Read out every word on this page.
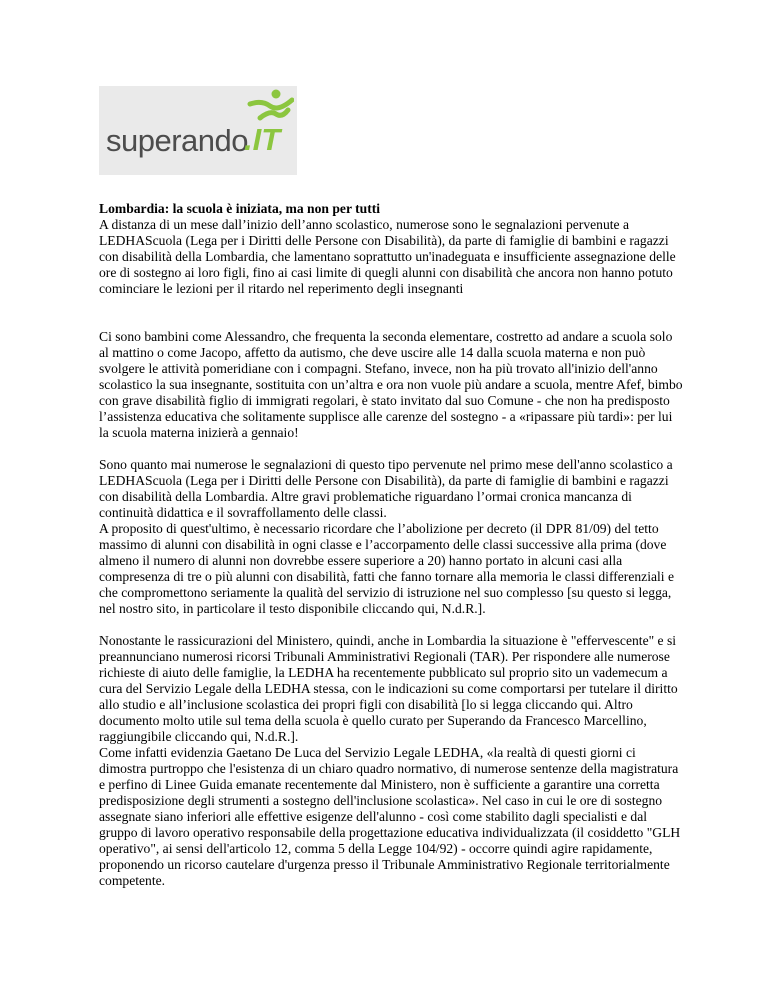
superando
.IT

Lombardia: la scuola è iniziata, ma non per tutti

A distanza di un mese dall’inizio dell’anno scolastico, numerose sono le segnalazioni pervenute a LEDHAScuola (Lega per i Diritti delle Persone con Disabilità), da parte di famiglie di bambini e ragazzi con disabilità della Lombardia, che lamentano soprattutto un'inadeguata e insufficiente assegnazione delle ore di sostegno ai loro figli, fino ai casi limite di quegli alunni con disabilità che ancora non hanno potuto cominciare le lezioni per il ritardo nel reperimento degli insegnanti

Ci sono bambini come Alessandro, che frequenta la seconda elementare, costretto ad andare a scuola solo al mattino o come Jacopo, affetto da autismo, che deve uscire alle 14 dalla scuola materna e non può svolgere le attività pomeridiane con i compagni. Stefano, invece, non ha più trovato all'inizio dell'anno scolastico la sua insegnante, sostituita con un’altra e ora non vuole più andare a scuola, mentre Afef, bimbo con grave disabilità figlio di immigrati regolari, è stato invitato dal suo Comune - che non ha predisposto l’assistenza educativa che solitamente supplisce alle carenze del sostegno - a «ripassare più tardi»: per lui la scuola materna inizierà a gennaio!

Sono quanto mai numerose le segnalazioni di questo tipo pervenute nel primo mese dell'anno scolastico a LEDHAScuola (Lega per i Diritti delle Persone con Disabilità), da parte di famiglie di bambini e ragazzi con disabilità della Lombardia. Altre gravi problematiche riguardano l’ormai cronica mancanza di continuità didattica e il sovraffollamento delle classi.

A proposito di quest'ultimo, è necessario ricordare che l’abolizione per decreto (il DPR 81/09) del tetto massimo di alunni con disabilità in ogni classe e l’accorpamento delle classi successive alla prima (dove almeno il numero di alunni non dovrebbe essere superiore a 20) hanno portato in alcuni casi alla compresenza di tre o più alunni con disabilità, fatti che fanno tornare alla memoria le classi differenziali e che compromettono seriamente la qualità del servizio di istruzione nel suo complesso [su questo si legga, nel nostro sito, in particolare il testo disponibile cliccando qui, N.d.R.].

Nonostante le rassicurazioni del Ministero, quindi, anche in Lombardia la situazione è "effervescente" e si preannunciano numerosi ricorsi Tribunali Amministrativi Regionali (TAR). Per rispondere alle numerose richieste di aiuto delle famiglie, la LEDHA ha recentemente pubblicato sul proprio sito un vademecum a cura del Servizio Legale della LEDHA stessa, con le indicazioni su come comportarsi per tutelare il diritto allo studio e all’inclusione scolastica dei propri figli con disabilità [lo si legga cliccando qui. Altro documento molto utile sul tema della scuola è quello curato per Superando da Francesco Marcellino, raggiungibile cliccando qui, N.d.R.].

Come infatti evidenzia Gaetano De Luca del Servizio Legale LEDHA, «la realtà di questi giorni ci dimostra purtroppo che l'esistenza di un chiaro quadro normativo, di numerose sentenze della magistratura e perfino di Linee Guida emanate recentemente dal Ministero, non è sufficiente a garantire una corretta predisposizione degli strumenti a sostegno dell'inclusione scolastica». Nel caso in cui le ore di sostegno assegnate siano inferiori alle effettive esigenze dell'alunno - così come stabilito dagli specialisti e dal gruppo di lavoro operativo responsabile della progettazione educativa individualizzata (il cosiddetto "GLH operativo", ai sensi dell'articolo 12, comma 5 della Legge 104/92) - occorre quindi agire rapidamente, proponendo un ricorso cautelare d'urgenza presso il Tribunale Amministrativo Regionale territorialmente competente.
